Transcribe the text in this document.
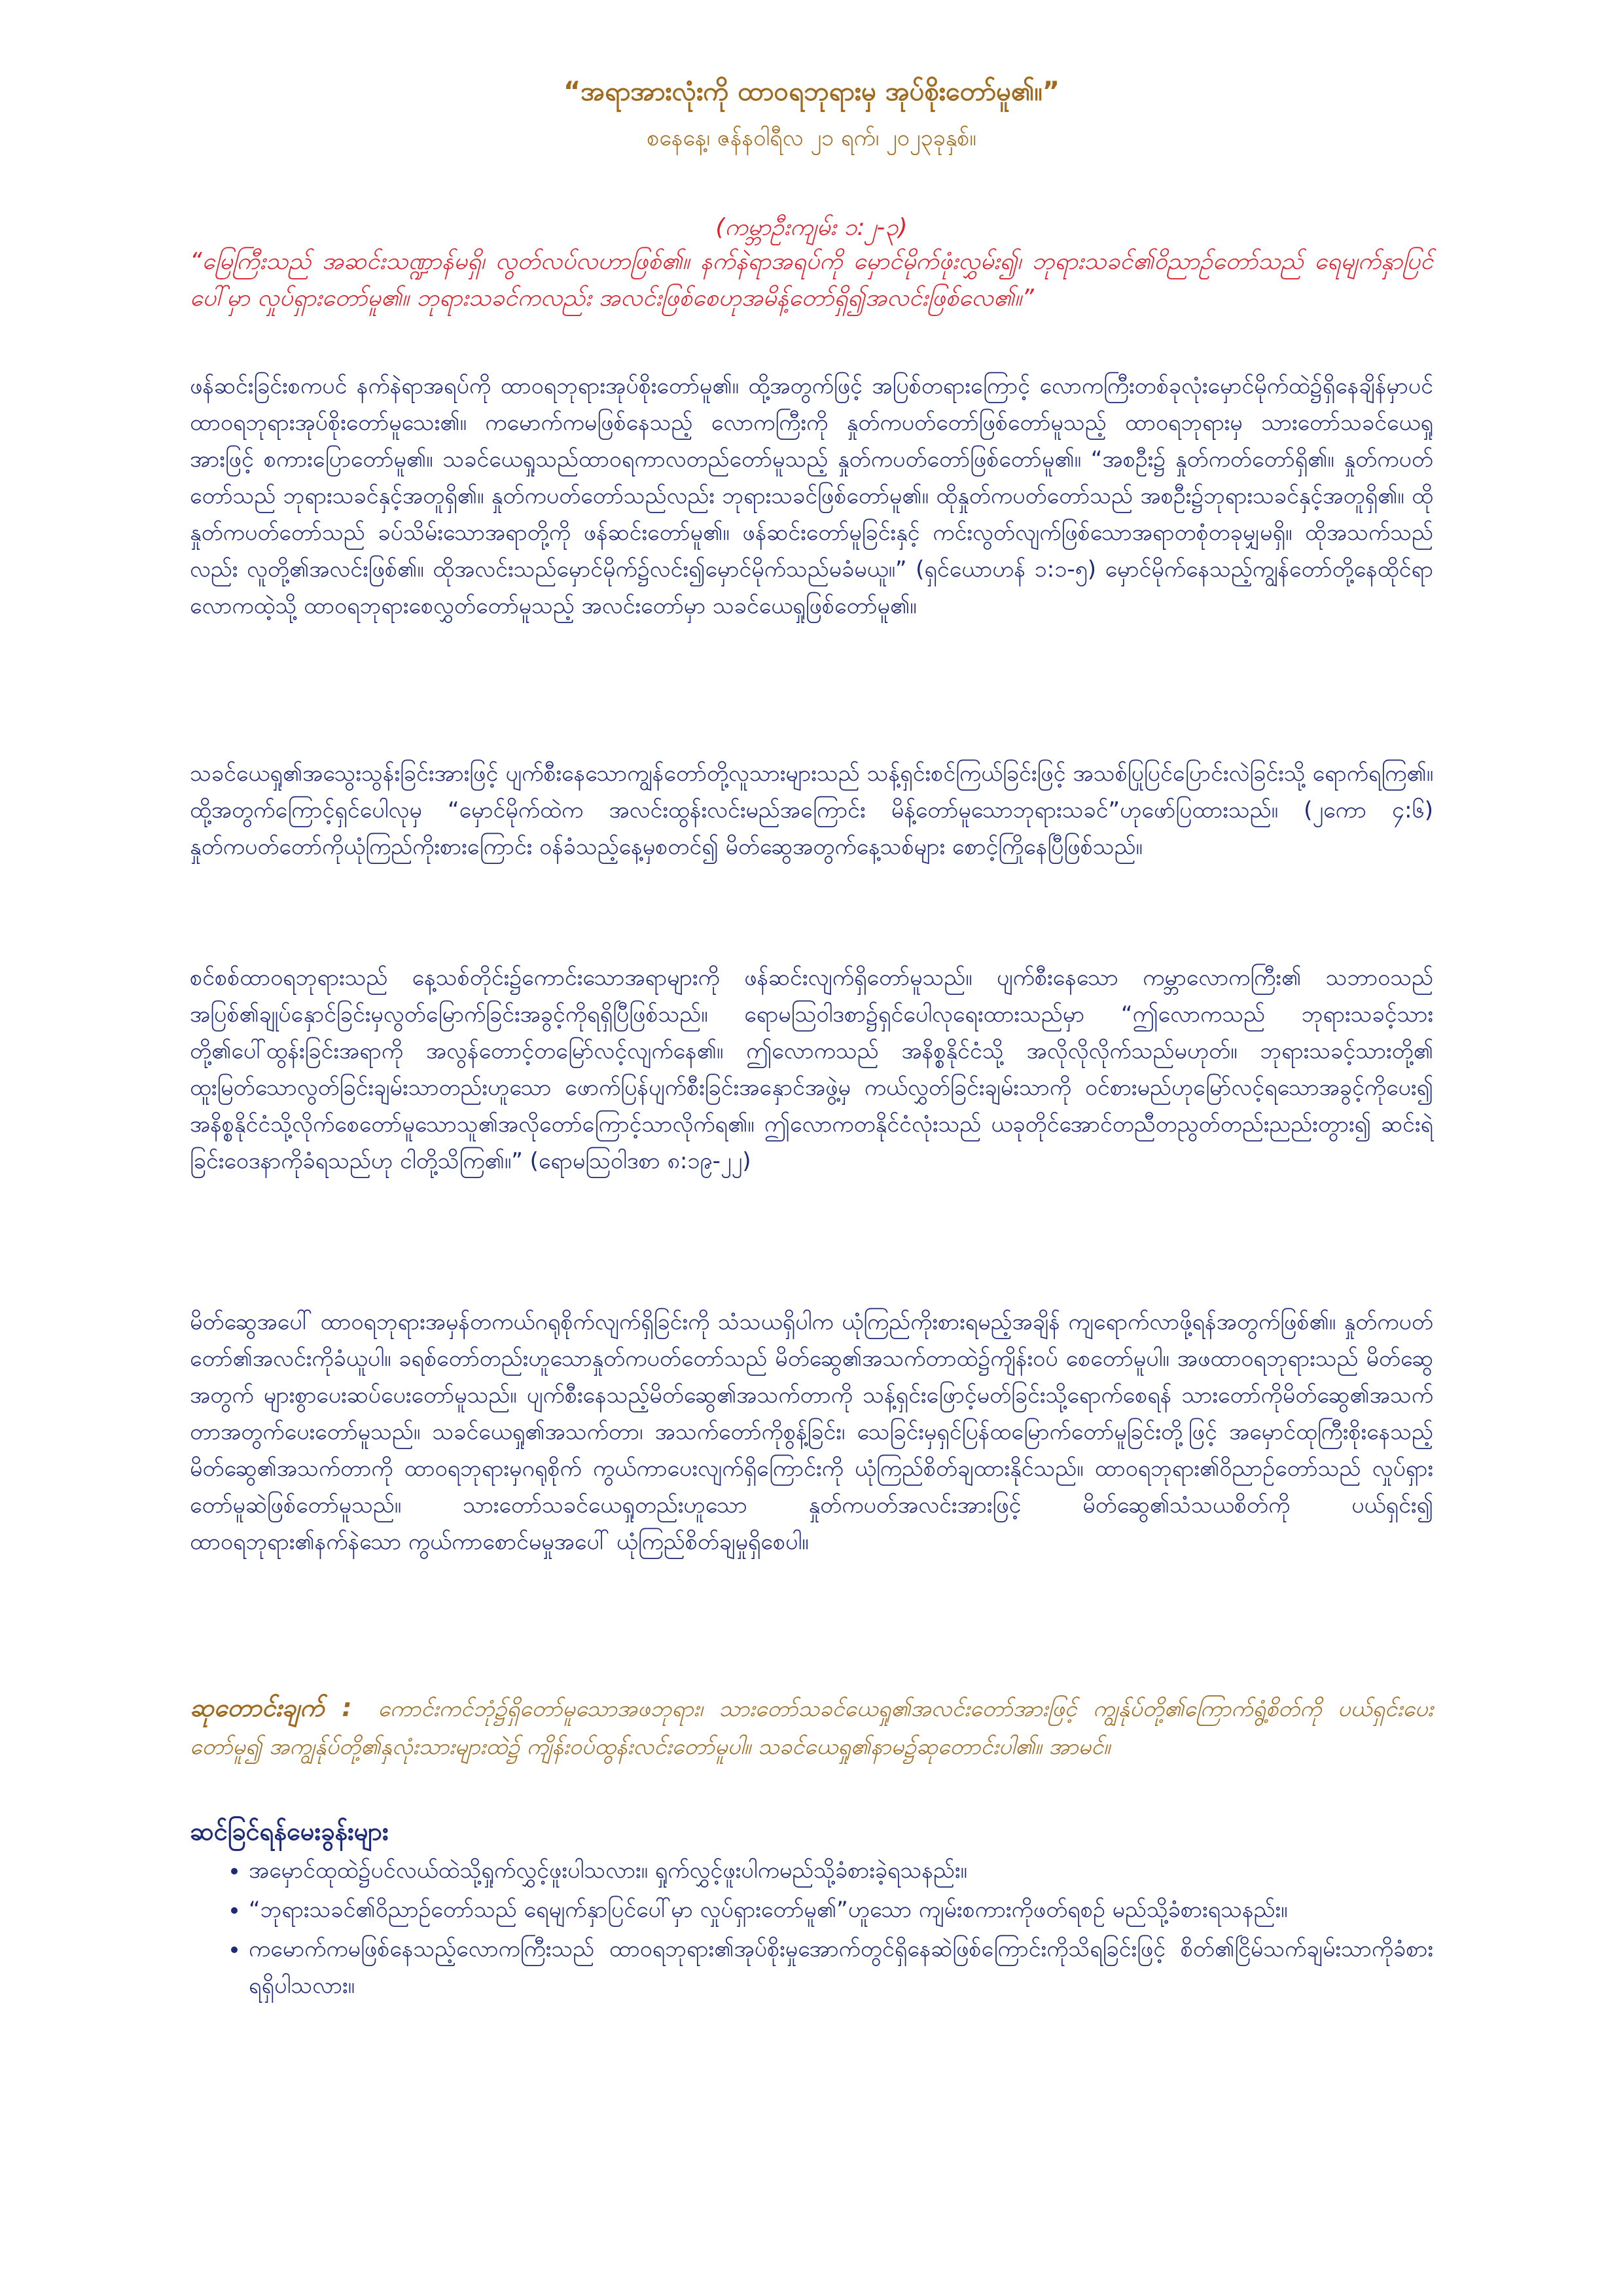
“အရာအားလုံးကို ထာဝရဘုရားမှ အုပ်စိုးတော်မူ၏။”
စနေနေ့၊ ဇန်နဝါရီလ ၂၁ ရက်၊ ၂၀၂၃ခုနှစ်။
(ကမ္ဘာဦးကျမ်း ၁:၂-၃)
“မြေကြီးသည် အဆင်းသဏ္ဍာန်မရှိ၊ လွတ်လပ်လဟာဖြစ်၏။ နက်နဲရာအရပ်ကို မှောင်မိုက်ဖုံးလွှမ်း၍၊ ဘုရားသခင်၏ဝိညာဉ်တော်သည် ရေမျက်နှာပြင်ပေါ်မှာ လှုပ်ရှားတော်မူ၏။ ဘုရားသခင်ကလည်း အလင်းဖြစ်စေဟုအမိန့်တော်ရှိ၍အလင်းဖြစ်လေ၏။”

ဖန်ဆင်းခြင်းစကပင် နက်နဲရာအရပ်ကို ထာဝရဘုရားအုပ်စိုးတော်မူ၏။ ထို့အတွက်ဖြင့် အပြစ်တရားကြောင့် လောကကြီးတစ်ခုလုံးမှောင်မိုက်ထဲ၌ရှိနေချိန်မှာပင် ထာဝရဘုရားအုပ်စိုးတော်မူသေး၏။ ကမောက်ကမဖြစ်နေသည့် လောကကြီးကို နှုတ်ကပတ်တော်ဖြစ်တော်မူသည့် ထာဝရဘုရားမှ သားတော်သခင်ယေရှုအားဖြင့် စကားပြောတော်မူ၏။ သခင်ယေရှုသည်ထာဝရကာလတည်တော်မူသည့် နှုတ်ကပတ်တော်ဖြစ်တော်မူ၏။ “အစဦး၌ နှုတ်ကတ်တော်ရှိ၏။ နှုတ်ကပတ်တော်သည် ဘုရားသခင်နှင့်အတူရှိ၏။ နှုတ်ကပတ်တော်သည်လည်း ဘုရားသခင်ဖြစ်တော်မူ၏။ ထိုနှုတ်ကပတ်တော်သည် အစဦး၌ဘုရားသခင်နှင့်အတူရှိ၏။ ထိုနှုတ်ကပတ်တော်သည် ခပ်သိမ်းသောအရာတို့ကို ဖန်ဆင်းတော်မူ၏။ ဖန်ဆင်းတော်မူခြင်းနှင့် ကင်းလွတ်လျက်ဖြစ်သောအရာတစုံတခုမျှမရှိ။ ထိုအသက်သည်လည်း လူတို့၏အလင်းဖြစ်၏။ ထိုအလင်းသည်မှောင်မိုက်၌လင်း၍မှောင်မိုက်သည်မခံမယူ။” (ရှင်ယောဟန် ၁:၁-၅) မှောင်မိုက်နေသည့်ကျွန်တော်တို့နေထိုင်ရာလောကထဲ့သို့ ထာဝရဘုရားစေလွှတ်တော်မူသည့် အလင်းတော်မှာ သခင်ယေရှုဖြစ်တော်မူ၏။

သခင်ယေရှု၏အသွေးသွန်းခြင်းအားဖြင့် ပျက်စီးနေသောကျွန်တော်တို့လူသားများသည် သန့်ရှင်းစင်ကြယ်ခြင်းဖြင့် အသစ်ပြုပြင်ပြောင်းလဲခြင်းသို့ ရောက်ရကြ၏။ ထို့အတွက်ကြောင့်ရှင်ပေါလုမှ “မှောင်မိုက်ထဲက အလင်းထွန်းလင်းမည်အကြောင်း မိန့်တော်မူသောဘုရားသခင်”ဟုဖော်ပြထားသည်။ (၂ကော ၄:၆) နှုတ်ကပတ်တော်ကိုယုံကြည်ကိုးစားကြောင်း ဝန်ခံသည့်နေ့မှစတင်၍ မိတ်ဆွေအတွက်နေ့သစ်များ စောင့်ကြိုနေပြီဖြစ်သည်။

စင်စစ်ထာဝရဘုရားသည် နေ့သစ်တိုင်း၌ကောင်းသောအရာများကို ဖန်ဆင်းလျက်ရှိတော်မူသည်။ ပျက်စီးနေသော ကမ္ဘာလောကကြီး၏ သဘာဝသည် အပြစ်၏ချုပ်နှောင်ခြင်းမှလွတ်မြောက်ခြင်းအခွင့်ကိုရရှိပြီဖြစ်သည်။ ရောမသြဝါဒစာ၌ရှင်ပေါလုရေးထားသည်မှာ “ဤလောကသည် ဘုရားသခင့်သားတို့၏ပေါ်ထွန်းခြင်းအရာကို အလွန်တောင့်တမြော်လင့်လျက်နေ၏။ ဤလောကသည် အနိစ္စနိုင်ငံသို့ အလိုလိုလိုက်သည်မဟုတ်။ ဘုရားသခင့်သားတို့၏ ထူးမြတ်သောလွတ်ခြင်းချမ်းသာတည်းဟူသော ဖောက်ပြန်ပျက်စီးခြင်းအနှောင်အဖွဲ့မှ ကယ်လွှတ်ခြင်းချမ်းသာကို ဝင်စားမည်ဟုမြော်လင့်ရသောအခွင့်ကိုပေး၍ အနိစ္စနိုင်ငံသို့လိုက်စေတော်မူသောသူ၏အလိုတော်ကြောင့်သာလိုက်ရ၏။ ဤလောကတနိုင်ငံလုံးသည် ယခုတိုင်အောင်တညီတညွတ်တည်းညည်းတွား၍ ဆင်းရဲခြင်းဝေဒနာကိုခံရသည်ဟု ငါတို့သိကြ၏။” (ရောမသြဝါဒစာ ၈:၁၉-၂၂)

မိတ်ဆွေအပေါ် ထာဝရဘုရားအမှန်တကယ်ဂရုစိုက်လျက်ရှိခြင်းကို သံသယရှိပါက ယုံကြည်ကိုးစားရမည့်အချိန် ကျရောက်လာဖို့ရန်အတွက်ဖြစ်၏။ နှုတ်ကပတ်တော်၏အလင်းကိုခံယူပါ။ ခရစ်တော်တည်းဟူသောနှုတ်ကပတ်တော်သည် မိတ်ဆွေ၏အသက်တာထဲ၌ကျိန်းဝပ် စေတော်မူပါ။ အဖထာဝရဘုရားသည် မိတ်ဆွေအတွက် များစွာပေးဆပ်ပေးတော်မူသည်။ ပျက်စီးနေသည့်မိတ်ဆွေ၏အသက်တာကို သန့်ရှင်းဖြောင့်မတ်ခြင်းသို့ရောက်စေရန် သားတော်ကိုမိတ်ဆွေ၏အသက်တာအတွက်ပေးတော်မူသည်။ သခင်ယေရှု၏အသက်တာ၊ အသက်တော်ကိုစွန့်ခြင်း၊ သေခြင်းမှရှင်ပြန်ထမြောက်တော်မူခြင်းတို့ဖြင့် အမှောင်ထုကြီးစိုးနေသည့်မိတ်ဆွေ၏အသက်တာကို ထာဝရဘုရားမှဂရုစိုက် ကွယ်ကာပေးလျက်ရှိကြောင်းကို ယုံကြည်စိတ်ချထားနိုင်သည်။ ထာဝရဘုရား၏ဝိညာဉ်တော်သည် လှုပ်ရှားတော်မူဆဲဖြစ်တော်မူသည်။ သားတော်သခင်ယေရှုတည်းဟူသော နှုတ်ကပတ်အလင်းအားဖြင့် မိတ်ဆွေ၏သံသယစိတ်ကို ပယ်ရှင်း၍ ထာဝရဘုရား၏နက်နဲသော ကွယ်ကာစောင်မမှုအပေါ် ယုံကြည်စိတ်ချမှုရှိစေပါ။

ဆုတောင်းချက် : ကောင်းကင်ဘုံ၌ရှိတော်မူသောအဖဘုရား၊ သားတော်သခင်ယေရှု၏အလင်းတော်အားဖြင့် ကျွန်ုပ်တို့၏ကြောက်ရွံ့စိတ်ကို ပယ်ရှင်းပေးတော်မူ၍ အကျွန်ုပ်တို့၏နှလုံးသားများထဲ၌ ကျိန်းဝပ်ထွန်းလင်းတော်မူပါ။ သခင်ယေရှု၏နာမ၌ဆုတောင်းပါ၏။ အာမင်။
ဆင်ခြင်ရန်မေးခွန်းများ
• အမှောင်ထုထဲ၌ပင်လယ်ထဲသို့ရှုက်လွှင့်ဖူးပါသလား။ ရှုက်လွှင့်ဖူးပါကမည်သို့ခံစားခဲ့ရသနည်း။
• “ဘုရားသခင်၏ဝိညာဉ်တော်သည် ရေမျက်နှာပြင်ပေါ်မှာ လှုပ်ရှားတော်မူ၏”ဟူသော ကျမ်းစကားကိုဖတ်ရစဉ် မည်သို့ခံစားရသနည်း။
• ကမောက်ကမဖြစ်နေသည့်လောကကြီးသည် ထာဝရဘုရား၏အုပ်စိုးမှုအောက်တွင်ရှိနေဆဲဖြစ်ကြောင်းကိုသိရခြင်းဖြင့် စိတ်၏ငြိမ်သက်ချမ်းသာကိုခံစားရရှိပါသလား။
